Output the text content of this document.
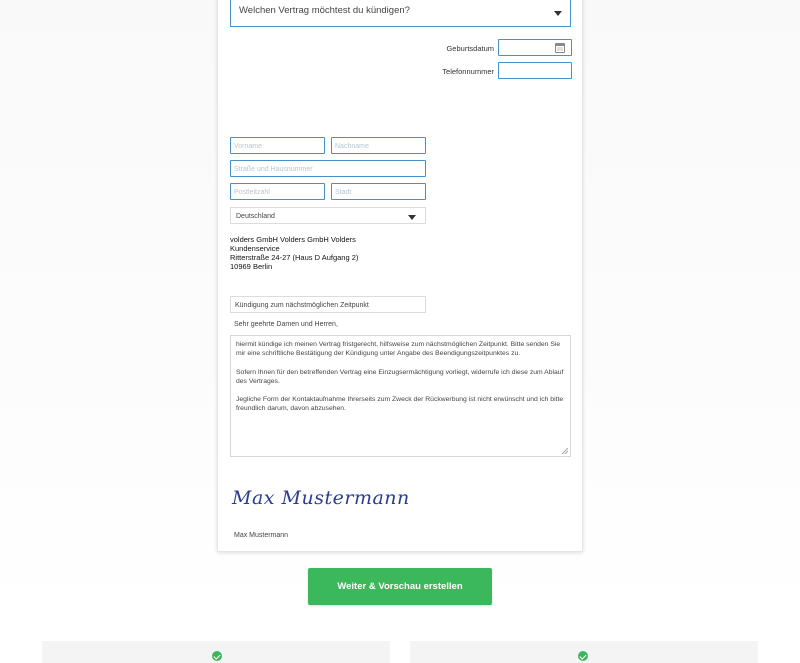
Welchen Vertrag möchtest du kündigen?
Geburtsdatum
Telefonnummer
Vorname	Nachname
Straße und Hausnummer
Postleitzahl	Stadt
Deutschland
volders GmbH Volders GmbH Volders
Kundenservice
Ritterstraße 24-27 (Haus D Aufgang 2)
10969 Berlin
Kündigung zum nächstmöglichen Zeitpunkt
Sehr geehrte Damen und Herren,

hiermit kündige ich meinen Vertrag fristgerecht, hilfsweise zum nächstmöglichen Zeitpunkt. Bitte senden Sie mir eine schriftliche Bestätigung der Kündigung unter Angabe des Beendigungszeitpunktes zu.

Sofern Ihnen für den betreffenden Vertrag eine Einzugsermächtigung vorliegt, widerrufe ich diese zum Ablauf des Vertrages.

Jegliche Form der Kontaktaufnahme Ihrerseits zum Zweck der Rückwerbung ist nicht erwünscht und ich bitte freundlich darum, davon abzusehen.

Max Mustermann
Max Mustermann
Weiter & Vorschau erstellen
